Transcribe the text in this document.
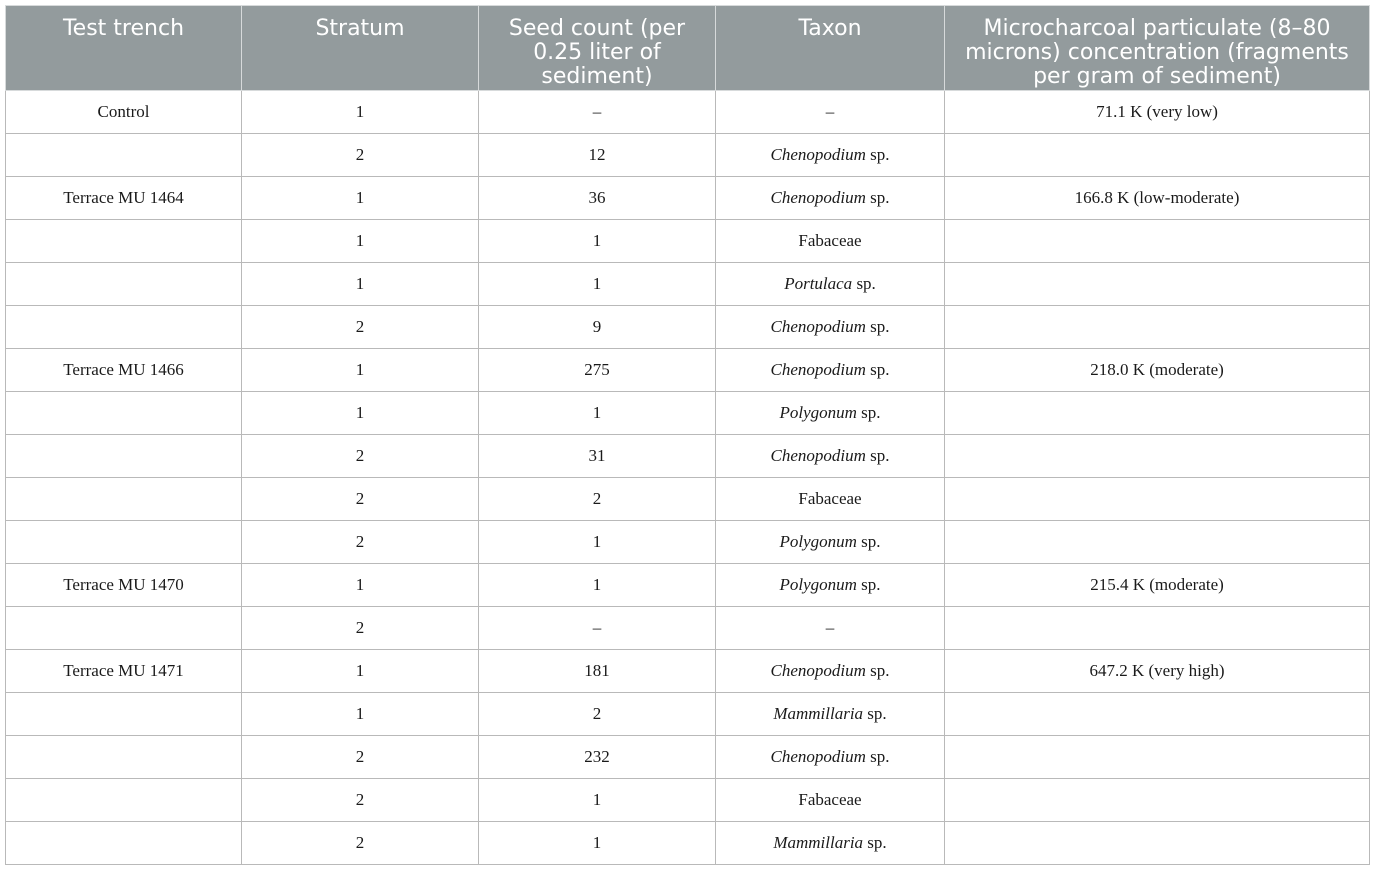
Test trench	Stratum	Seed count (per 0.25 liter of sediment)	Taxon	Microcharcoal particulate (8–80 microns) concentration (fragments per gram of sediment)
Control	1	–	–	71.1 K (very low)
	2	12	Chenopodium sp.	
Terrace MU 1464	1	36	Chenopodium sp.	166.8 K (low-moderate)
	1	1	Fabaceae	
	1	1	Portulaca sp.	
	2	9	Chenopodium sp.	
Terrace MU 1466	1	275	Chenopodium sp.	218.0 K (moderate)
	1	1	Polygonum sp.	
	2	31	Chenopodium sp.	
	2	2	Fabaceae	
	2	1	Polygonum sp.	
Terrace MU 1470	1	1	Polygonum sp.	215.4 K (moderate)
	2	–	–	
Terrace MU 1471	1	181	Chenopodium sp.	647.2 K (very high)
	1	2	Mammillaria sp.	
	2	232	Chenopodium sp.	
	2	1	Fabaceae	
	2	1	Mammillaria sp.	
